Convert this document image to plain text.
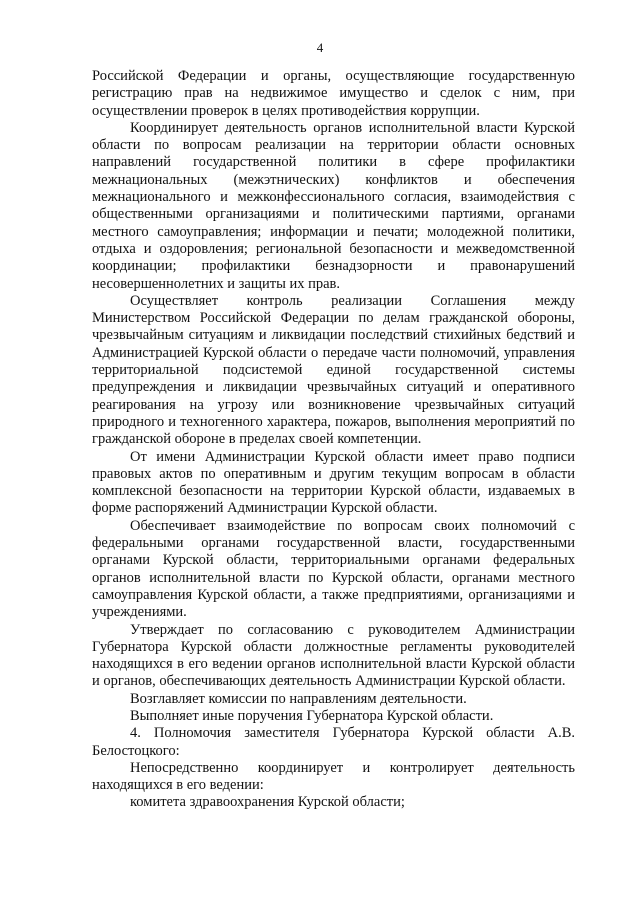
4

Российской Федерации и органы, осуществляющие государственную регистрацию прав на недвижимое имущество и сделок с ним, при осуществлении проверок в целях противодействия коррупции.

Координирует деятельность органов исполнительной власти Курской области по вопросам реализации на территории области основных направлений государственной политики в сфере профилактики межнациональных (межэтнических) конфликтов и обеспечения межнационального и межконфессионального согласия, взаимодействия с общественными организациями и политическими партиями, органами местного самоуправления; информации и печати; молодежной политики, отдыха и оздоровления; региональной безопасности и межведомственной координации; профилактики безнадзорности и правонарушений несовершеннолетних и защиты их прав.

Осуществляет контроль реализации Соглашения между Министерством Российской Федерации по делам гражданской обороны, чрезвычайным ситуациям и ликвидации последствий стихийных бедствий и Администрацией Курской области о передаче части полномочий, управления территориальной подсистемой единой государственной системы предупреждения и ликвидации чрезвычайных ситуаций и оперативного реагирования на угрозу или возникновение чрезвычайных ситуаций природного и техногенного характера, пожаров, выполнения мероприятий по гражданской обороне в пределах своей компетенции.

От имени Администрации Курской области имеет право подписи правовых актов по оперативным и другим текущим вопросам в области комплексной безопасности на территории Курской области, издаваемых в форме распоряжений Администрации Курской области.

Обеспечивает взаимодействие по вопросам своих полномочий с федеральными органами государственной власти, государственными органами Курской области, территориальными органами федеральных органов исполнительной власти по Курской области, органами местного самоуправления Курской области, а также предприятиями, организациями и учреждениями.

Утверждает по согласованию с руководителем Администрации Губернатора Курской области должностные регламенты руководителей находящихся в его ведении органов исполнительной власти Курской области и органов, обеспечивающих деятельность Администрации Курской области.

Возглавляет комиссии по направлениям деятельности.

Выполняет иные поручения Губернатора Курской области.

4. Полномочия заместителя Губернатора Курской области А.В. Белостоцкого:

Непосредственно координирует и контролирует деятельность находящихся в его ведении:

комитета здравоохранения Курской области;
